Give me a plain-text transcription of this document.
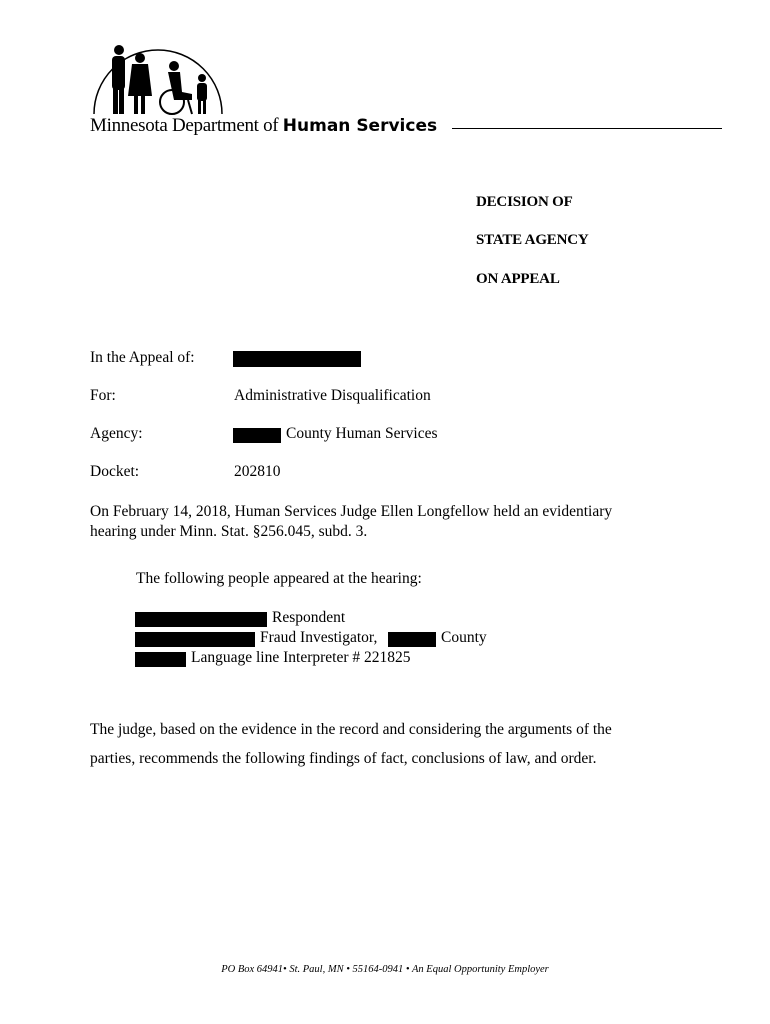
Minnesota Department of Human Services
DECISION OF
STATE AGENCY
ON APPEAL
In the Appeal of:
For:	Administrative Disqualification
Agency:	County Human Services
Docket:	202810
On February 14, 2018, Human Services Judge Ellen Longfellow held an evidentiary
hearing under Minn. Stat. §256.045, subd. 3.
The following people appeared at the hearing:
Respondent
Fraud Investigator,	County
Language line Interpreter # 221825
The judge, based on the evidence in the record and considering the arguments of the
parties, recommends the following findings of fact, conclusions of law, and order.
PO Box 64941• St. Paul, MN • 55164-0941 • An Equal Opportunity Employer
